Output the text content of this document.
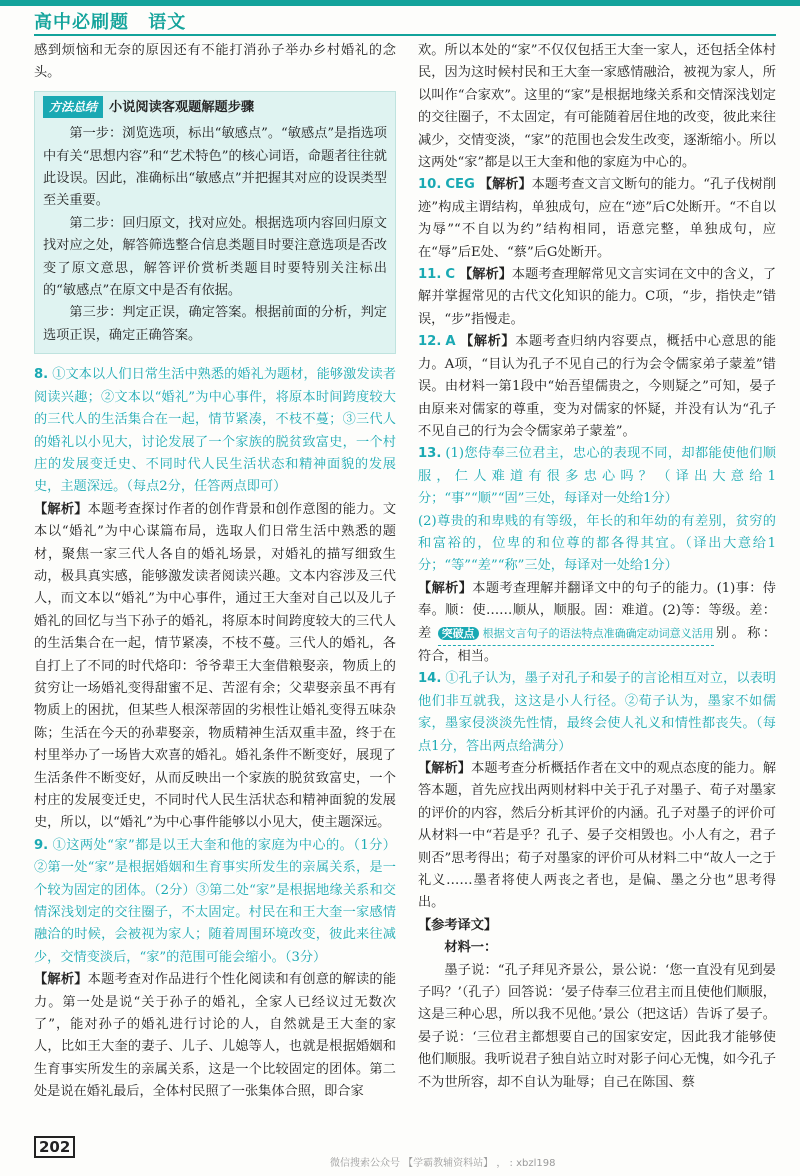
高中必刷题 语文

感到烦恼和无奈的原因还有不能打消孙子举办乡村婚礼的念头。

方法总结 小说阅读客观题解题步骤

第一步：浏览选项，标出“敏感点”。“敏感点”是指选项中有关“思想内容”和“艺术特色”的核心词语，命题者往往就此设误。因此，准确标出“敏感点”并把握其对应的设误类型至关重要。

第二步：回归原文，找对应处。根据选项内容回归原文找对应之处，解答筛选整合信息类题目时要注意选项是否改变了原文意思，解答评价赏析类题目时要特别关注标出的“敏感点”在原文中是否有依据。

第三步：判定正误，确定答案。根据前面的分析，判定选项正误，确定正确答案。

8. ①文本以人们日常生活中熟悉的婚礼为题材，能够激发读者阅读兴趣；②文本以“婚礼”为中心事件，将原本时间跨度较大的三代人的生活集合在一起，情节紧凑，不枝不蔓；③三代人的婚礼以小见大，讨论发展了一个家族的脱贫致富史，一个村庄的发展变迁史、不同时代人民生活状态和精神面貌的发展史，主题深远。（每点2分，任答两点即可）

【解析】本题考查探讨作者的创作背景和创作意图的能力。文本以“婚礼”为中心谋篇布局，选取人们日常生活中熟悉的题材，聚焦一家三代人各自的婚礼场景，对婚礼的描写细致生动，极具真实感，能够激发读者阅读兴趣。文本内容涉及三代人，而文本以“婚礼”为中心事件，通过王大奎对自己以及儿子婚礼的回忆与当下孙子的婚礼，将原本时间跨度较大的三代人的生活集合在一起，情节紧凑，不枝不蔓。三代人的婚礼，各自打上了不同的时代烙印：爷爷辈王大奎借粮娶亲，物质上的贫穷让一场婚礼变得甜蜜不足、苦涩有余；父辈娶亲虽不再有物质上的困扰，但某些人根深蒂固的劣根性让婚礼变得五味杂陈；生活在今天的孙辈娶亲，物质精神生活双重丰盈，终于在村里举办了一场皆大欢喜的婚礼。婚礼条件不断变好，展现了生活条件不断变好，从而反映出一个家族的脱贫致富史，一个村庄的发展变迁史，不同时代人民生活状态和精神面貌的发展史，所以，以“婚礼”为中心事件能够以小见大，使主题深远。

9. ①这两处“家”都是以王大奎和他的家庭为中心的。（1分）②第一处“家”是根据婚姻和生育事实所发生的亲属关系，是一个较为固定的团体。（2分）③第二处“家”是根据地缘关系和交情深浅划定的交往圈子，不太固定。村民在和王大奎一家感情融洽的时候，会被视为家人；随着周围环境改变，彼此来往减少，交情变淡后，“家”的范围可能会缩小。（3分）

【解析】本题考查对作品进行个性化阅读和有创意的解读的能力。第一处是说“关于孙子的婚礼，全家人已经议过无数次了”，能对孙子的婚礼进行讨论的人，自然就是王大奎的家人，比如王大奎的妻子、儿子、儿媳等人，也就是根据婚姻和生育事实所发生的亲属关系，这是一个比较固定的团体。第二处是说在婚礼最后，全体村民照了一张集体合照，即合家

欢。所以本处的“家”不仅仅包括王大奎一家人，还包括全体村民，因为这时候村民和王大奎一家感情融洽，被视为家人，所以叫作“合家欢”。这里的“家”是根据地缘关系和交情深浅划定的交往圈子，不太固定，有可能随着居住地的改变，彼此来往减少，交情变淡，“家”的范围也会发生改变，逐渐缩小。所以这两处“家”都是以王大奎和他的家庭为中心的。

10. CEG 【解析】本题考查文言文断句的能力。“孔子伐树削迹”构成主谓结构，单独成句，应在“迹”后C处断开。“不自以为辱”“不自以为约”结构相同，语意完整，单独成句，应在“辱”后E处、“蔡”后G处断开。

11. C 【解析】本题考查理解常见文言实词在文中的含义，了解并掌握常见的古代文化知识的能力。C项，“步，指快走”错误，“步”指慢走。

12. A 【解析】本题考查归纳内容要点，概括中心意思的能力。A项，“目认为孔子不见自己的行为会令儒家弟子蒙羞”错误。由材料一第1段中“始吾望儒贵之，今则疑之”可知，晏子由原来对儒家的尊重，变为对儒家的怀疑，并没有认为“孔子不见自己的行为会令儒家弟子蒙羞”。

13. (1)您侍奉三位君主，忠心的表现不同，却都能使他们顺服，仁人难道有很多忠心吗？（译出大意给1分；“事”“顺”“固”三处，每译对一处给1分）

(2)尊贵的和卑贱的有等级，年长的和年幼的有差别，贫穷的和富裕的，位卑的和位尊的都各得其宜。（译出大意给1分；“等”“差”“称”三处，每译对一处给1分）

【解析】本题考查理解并翻译文中的句子的能力。(1)事：侍奉。顺：使……顺从，顺服。固：难道。(2)等：等级。差：差 突破点 根据文言句子的语法特点准确确定动词意义活用别。称：符合，相当。

14. ①孔子认为，墨子对孔子和晏子的言论相互对立，以表明他们非互就我，这这是小人行径。②荀子认为，墨家不如儒家，墨家侵淡淡先性情，最终会使人礼义和情性都丧失。（每点1分，答出两点给满分）

【解析】本题考查分析概括作者在文中的观点态度的能力。解答本题，首先应找出两则材料中关于孔子对墨子、荀子对墨家的评价的内容，然后分析其评价的内涵。孔子对墨子的评价可从材料一中“若是乎？孔子、晏子交相毁也。小人有之，君子则否”思考得出；荀子对墨家的评价可从材料二中“故人一之于礼义……墨者将使人两丧之者也，是偏、墨之分也”思考得出。

【参考译文】

材料一：

墨子说：“孔子拜见齐景公，景公说：‘您一直没有见到晏子吗？’（孔子）回答说：‘晏子侍奉三位君主而且使他们顺服，这是三种心思，所以我不见他。’景公（把这话）告诉了晏子。晏子说：‘三位君主都想要自己的国家安定，因此我才能够使他们顺服。我听说君子独自站立时对影子问心无愧，如今孔子不为世所容，却不自认为耻辱；自己在陈国、蔡

202
微信搜索公众号 【学霸教辅资料站】 ， : xbzl198
